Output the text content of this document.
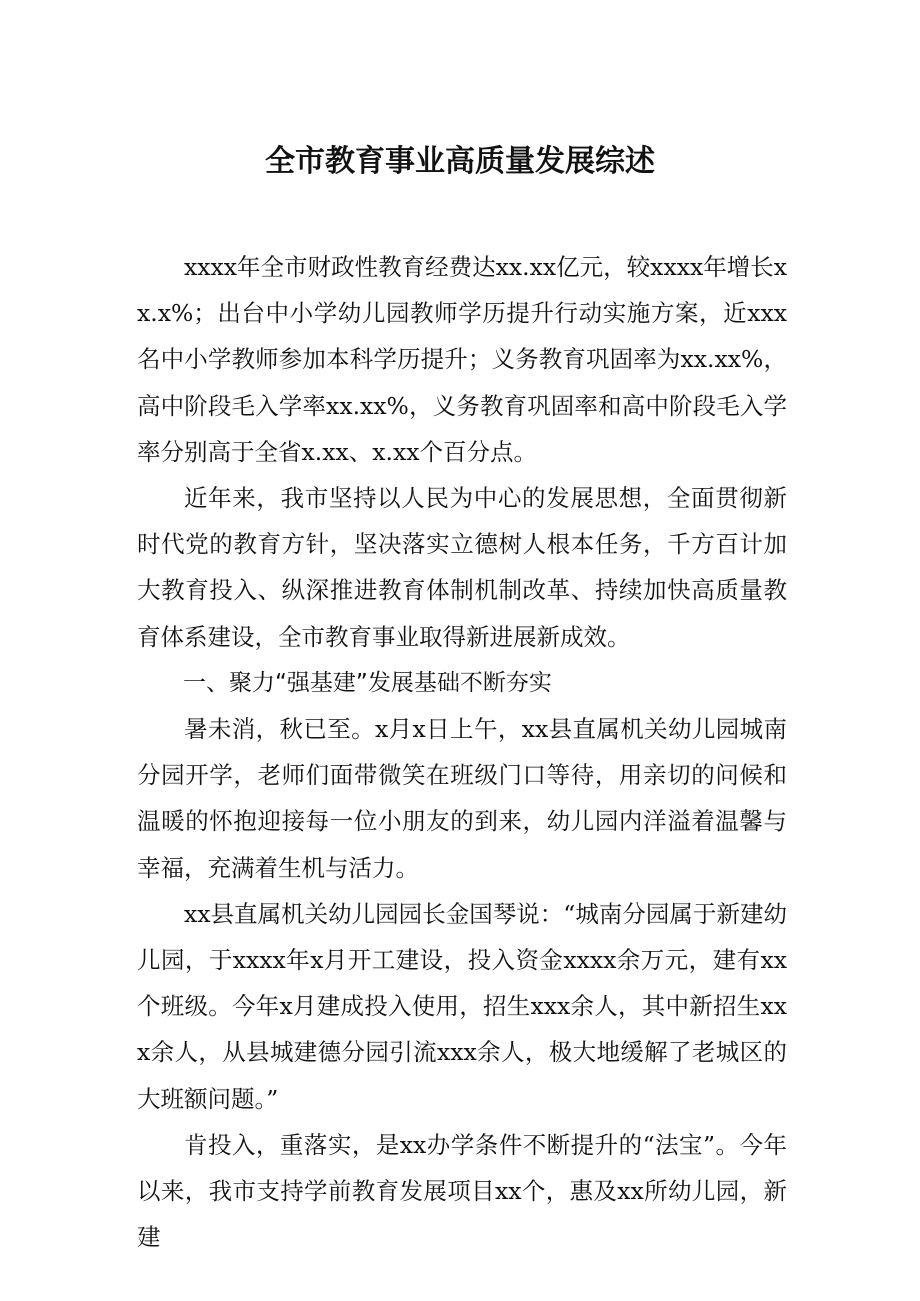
全市教育事业高质量发展综述

xxxx年全市财政性教育经费达xx.xx亿元，较xxxx年增长xx.x%；出台中小学幼儿园教师学历提升行动实施方案，近xxx名中小学教师参加本科学历提升；义务教育巩固率为xx.xx%，高中阶段毛入学率xx.xx%，义务教育巩固率和高中阶段毛入学率分别高于全省x.xx、x.xx个百分点。

近年来，我市坚持以人民为中心的发展思想，全面贯彻新时代党的教育方针，坚决落实立德树人根本任务，千方百计加大教育投入、纵深推进教育体制机制改革、持续加快高质量教育体系建设，全市教育事业取得新进展新成效。

一、聚力“强基建”发展基础不断夯实

暑未消，秋已至。x月x日上午，xx县直属机关幼儿园城南分园开学，老师们面带微笑在班级门口等待，用亲切的问候和温暖的怀抱迎接每一位小朋友的到来，幼儿园内洋溢着温馨与幸福，充满着生机与活力。

xx县直属机关幼儿园园长金国琴说：“城南分园属于新建幼儿园，于xxxx年x月开工建设，投入资金xxxx余万元，建有xx个班级。今年x月建成投入使用，招生xxx余人，其中新招生xxx余人，从县城建德分园引流xxx余人，极大地缓解了老城区的大班额问题。”

肯投入，重落实，是xx办学条件不断提升的“法宝”。今年以来，我市支持学前教育发展项目xx个，惠及xx所幼儿园，新建
